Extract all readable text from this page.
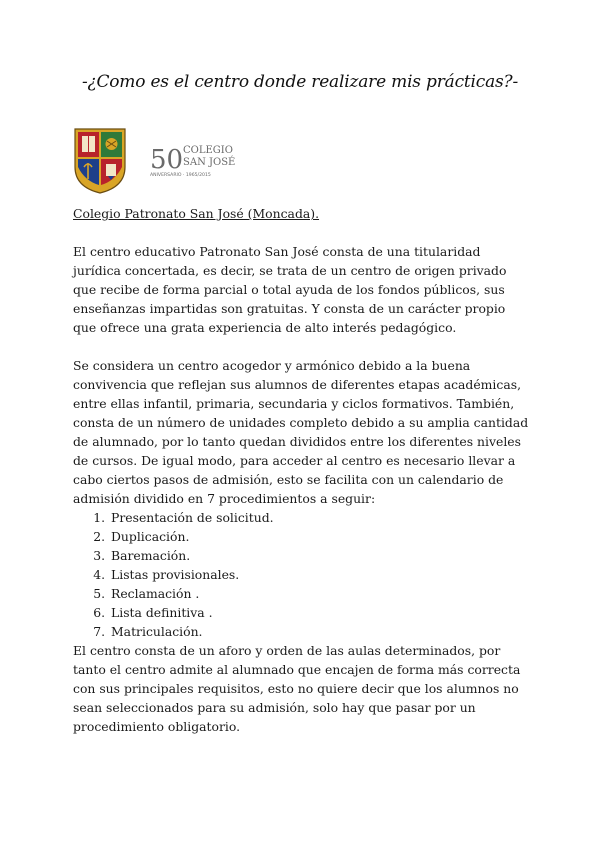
-¿Como es el centro donde realizare mis prácticas?-
50 COLEGIO
SAN JOSÉ
ANIVERSARIO · 1965/2015
Colegio Patronato San José (Moncada).

El centro educativo Patronato San José consta de una titularidad jurídica concertada, es decir, se trata de un centro de origen privado que recibe de forma parcial o total ayuda de los fondos públicos, sus enseñanzas impartidas son gratuitas. Y consta de un carácter propio que ofrece una grata experiencia de alto interés pedagógico.

Se considera un centro acogedor y armónico debido a la buena convivencia que reflejan sus alumnos de diferentes etapas académicas, entre ellas infantil, primaria, secundaria y ciclos formativos. También, consta de un número de unidades completo debido a su amplia cantidad de alumnado, por lo tanto quedan divididos entre los diferentes niveles de cursos. De igual modo, para acceder al centro es necesario llevar a cabo ciertos pasos de admisión, esto se facilita con un calendario de admisión dividido en 7 procedimientos a seguir:

1. Presentación de solicitud.
2. Duplicación.
3. Baremación.
4. Listas provisionales.
5. Reclamación .
6. Lista definitiva .
7. Matriculación.

El centro consta de un aforo y orden de las aulas determinados, por tanto el centro admite al alumnado que encajen de forma más correcta con sus principales requisitos, esto no quiere decir que los alumnos no sean seleccionados para su admisión, solo hay que pasar por un procedimiento obligatorio.
